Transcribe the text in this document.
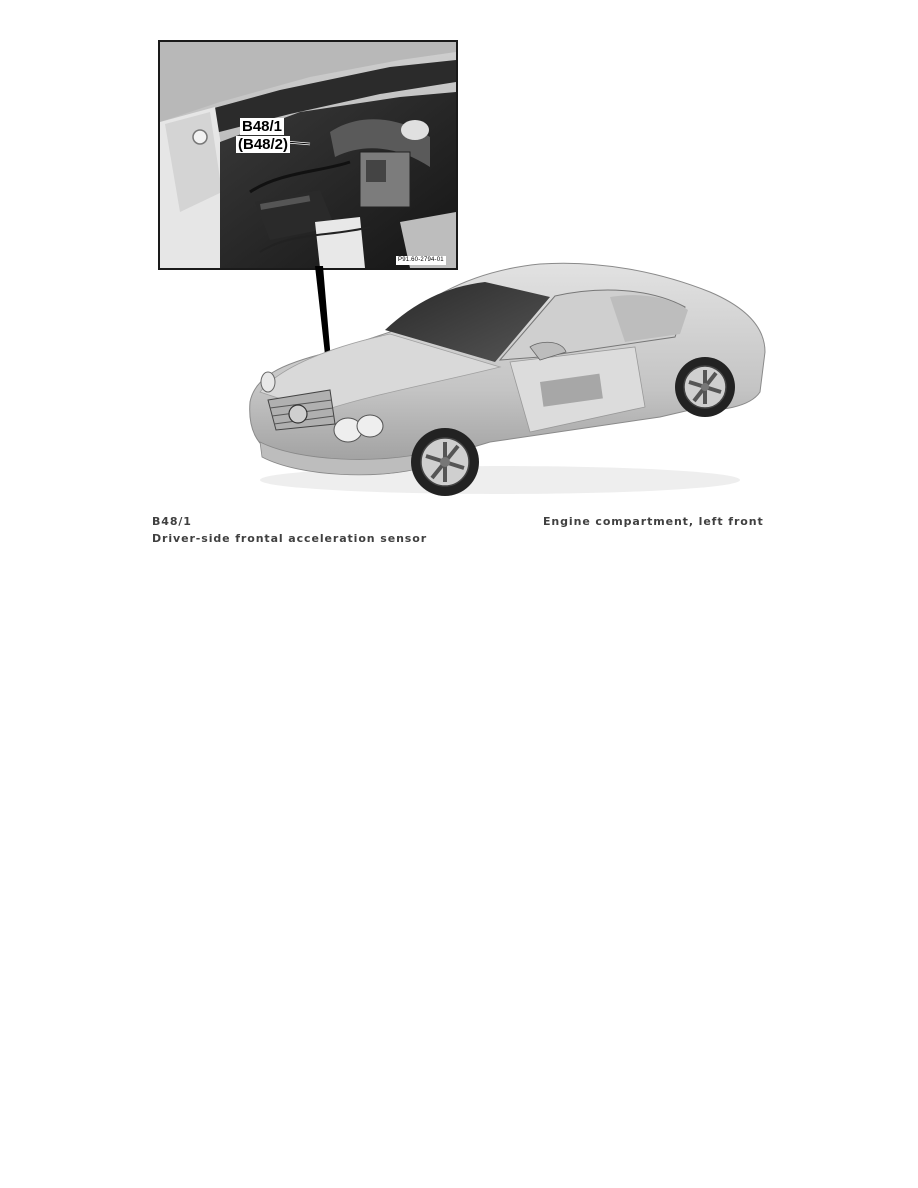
B48/1
(B48/2)
P91.60-2794-01
B48/1	Engine compartment, left front
Driver-side frontal acceleration sensor
